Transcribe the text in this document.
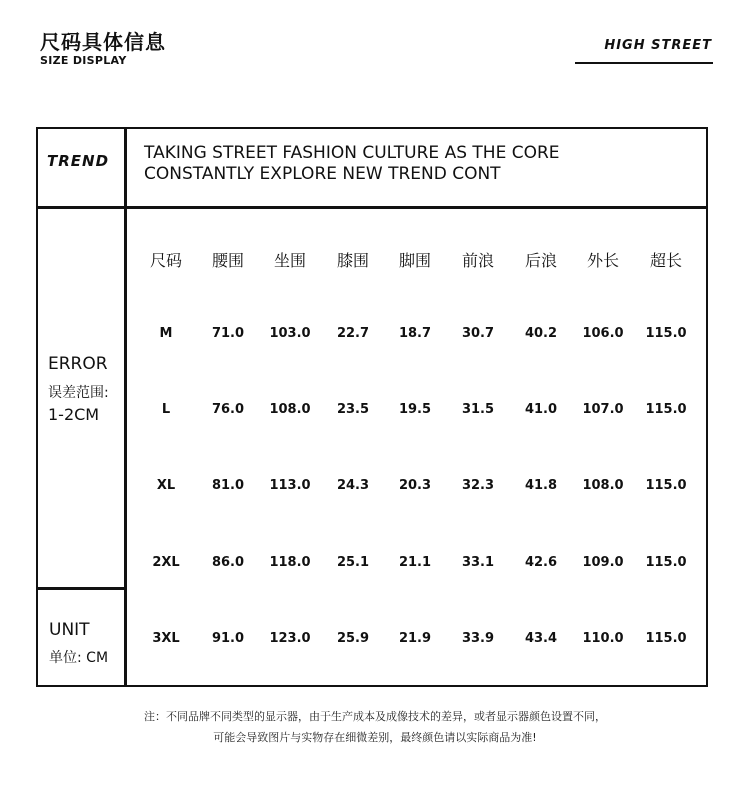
尺码具体信息
SIZE DISPLAY
HIGH STREET
TREND TAKING STREET FASHION CULTURE AS THE CORE
CONSTANTLY EXPLORE NEW TREND CONT
ERROR
误差范围:
1-2CM
UNIT
单位: CM
尺码	腰围	坐围	膝围	脚围	前浪	后浪	外长	超长
M	71.0	103.0	22.7	18.7	30.7	40.2	106.0	115.0
L	76.0	108.0	23.5	19.5	31.5	41.0	107.0	115.0
XL	81.0	113.0	24.3	20.3	32.3	41.8	108.0	115.0
2XL	86.0	118.0	25.1	21.1	33.1	42.6	109.0	115.0
3XL	91.0	123.0	25.9	21.9	33.9	43.4	110.0	115.0
注：不同品牌不同类型的显示器，由于生产成本及成像技术的差异，或者显示器颜色设置不同，
可能会导致图片与实物存在细微差别，最终颜色请以实际商品为准!
